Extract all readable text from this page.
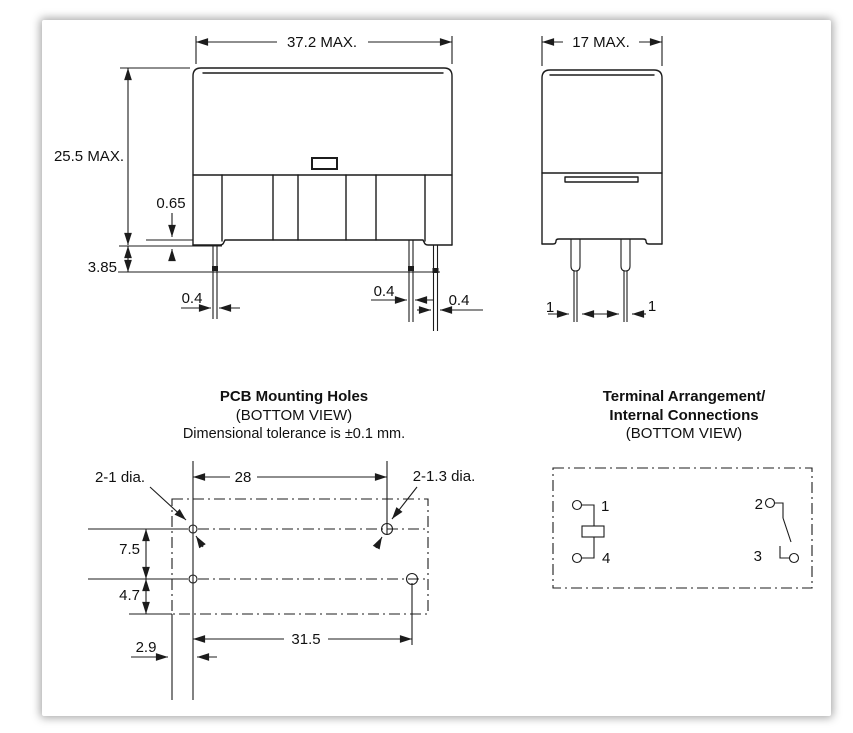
37.2 MAX.
25.5 MAX.
0.65
3.85
0.4	0.4
0.4
17 MAX.
1	1
PCB Mounting Holes
(BOTTOM VIEW)
Dimensional tolerance is ±0.1 mm.
2-1 dia.	2-1.3 dia.
28
7.5
4.7
31.5
2.9
Terminal Arrangement/
Internal Connections
(BOTTOM VIEW)
1
4
2
3
